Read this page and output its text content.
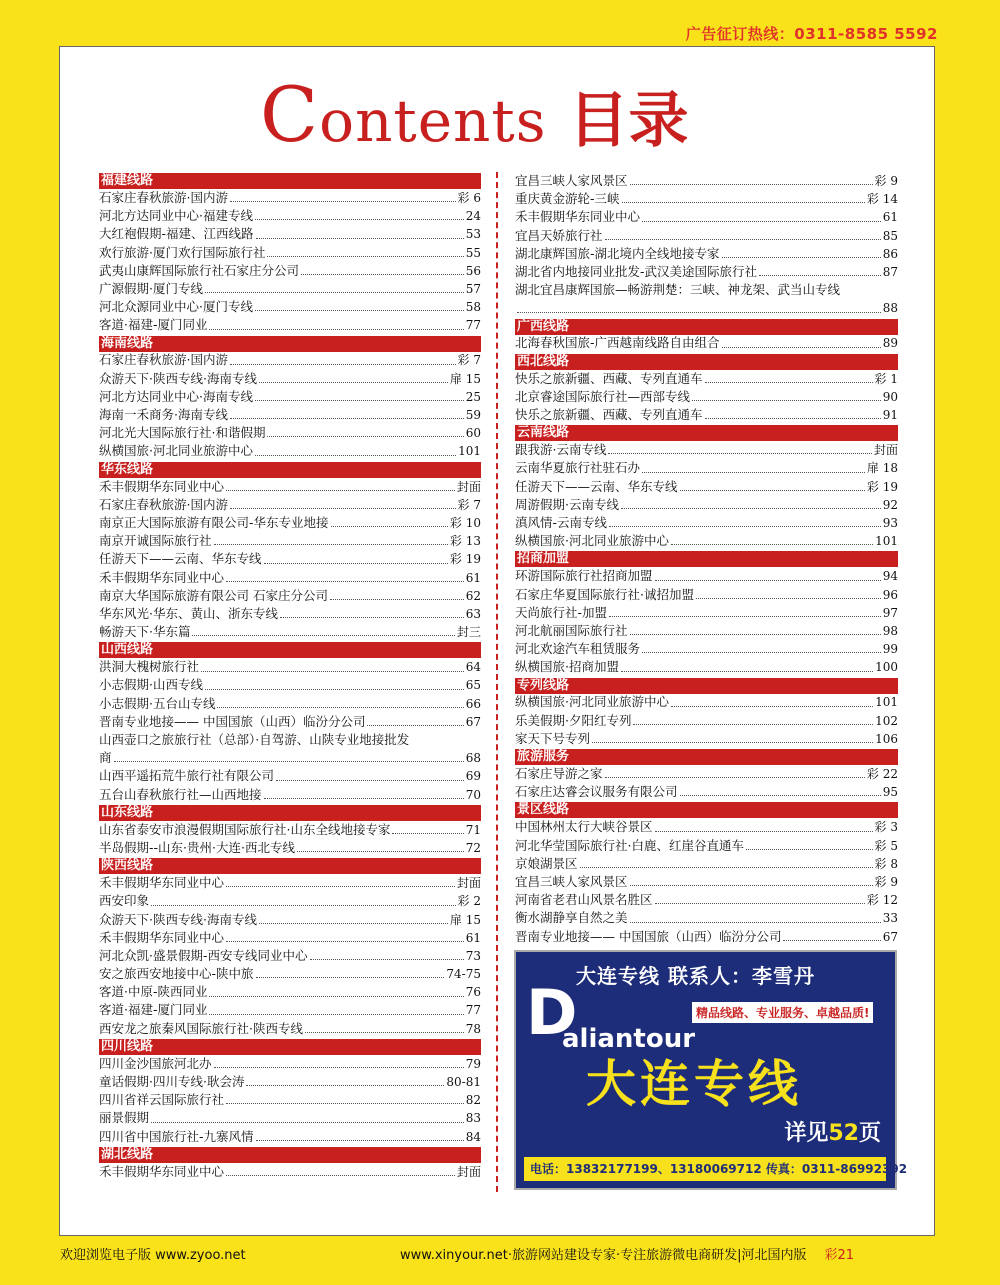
广告征订热线：0311-8585 5592
Contents 目录
福建线路
石家庄春秋旅游·国内游	彩 6
河北方达同业中心·福建专线	24
大红袍假期-福建、江西线路	53
欢行旅游·厦门欢行国际旅行社	55
武夷山康辉国际旅行社石家庄分公司	56
广源假期·厦门专线	57
河北众源同业中心·厦门专线	58
客道·福建-厦门同业	77
海南线路
石家庄春秋旅游·国内游	彩 7
众游天下·陕西专线·海南专线	扉 15
河北方达同业中心·海南专线	25
海南一禾商务·海南专线	59
河北光大国际旅行社·和谐假期	60
纵横国旅·河北同业旅游中心	101
华东线路
禾丰假期华东同业中心	封面
石家庄春秋旅游·国内游	彩 7
南京正大国际旅游有限公司-华东专业地接	彩 10
南京开诚国际旅行社	彩 13
任游天下——云南、华东专线	彩 19
禾丰假期华东同业中心	61
南京大华国际旅游有限公司 石家庄分公司	62
华东风光·华东、黄山、浙东专线	63
畅游天下·华东篇	封三
山西线路
洪洞大槐树旅行社	64
小志假期·山西专线	65
小志假期·五台山专线	66
晋南专业地接—— 中国国旅（山西）临汾分公司	67
山西壶口之旅旅行社（总部）·自驾游、山陕专业地接批发
商	68
山西平遥拓荒牛旅行社有限公司	69
五台山春秋旅行社—山西地接	70
山东线路
山东省泰安市浪漫假期国际旅行社·山东全线地接专家	71
半岛假期--山东·贵州·大连·西北专线	72
陕西线路
禾丰假期华东同业中心	封面
西安印象	彩 2
众游天下·陕西专线·海南专线	扉 15
禾丰假期华东同业中心	61
河北众凯·盛景假期-西安专线同业中心	73
安之旅西安地接中心-陕中旅	74-75
客道·中原-陕西同业	76
客道·福建-厦门同业	77
西安龙之旅秦风国际旅行社·陕西专线	78
四川线路
四川金沙国旅河北办	79
童话假期·四川专线·耿会涛	80-81
四川省祥云国际旅行社	82
丽景假期	83
四川省中国旅行社-九寨风情	84
湖北线路
禾丰假期华东同业中心	封面
宜昌三峡人家风景区	彩 9
重庆黄金游轮-三峡	彩 14
禾丰假期华东同业中心	61
宜昌天娇旅行社	85
湖北康辉国旅-湖北境内全线地接专家	86
湖北省内地接同业批发-武汉美途国际旅行社	87
湖北宜昌康辉国旅—畅游荆楚：三峡、神龙架、武当山专线
88
广西线路
北海春秋国旅-广西越南线路自由组合	89
西北线路
快乐之旅新疆、西藏、专列直通车	彩 1
北京睿途国际旅行社—西部专线	90
快乐之旅新疆、西藏、专列直通车	91
云南线路
跟我游·云南专线	封面
云南华夏旅行社驻石办	扉 18
任游天下——云南、华东专线	彩 19
周游假期·云南专线	92
滇风情-云南专线	93
纵横国旅·河北同业旅游中心	101
招商加盟
环游国际旅行社招商加盟	94
石家庄华夏国际旅行社·诚招加盟	96
天尚旅行社-加盟	97
河北航丽国际旅行社	98
河北欢途汽车租赁服务	99
纵横国旅·招商加盟	100
专列线路
纵横国旅·河北同业旅游中心	101
乐美假期·夕阳红专列	102
家天下号专列	106
旅游服务
石家庄导游之家	彩 22
石家庄达睿会议服务有限公司	95
景区线路
中国林州太行大峡谷景区	彩 3
河北华莹国际旅行社·白鹿、红崖谷直通车	彩 5
京娘湖景区	彩 8
宜昌三峡人家风景区	彩 9
河南省老君山风景名胜区	彩 12
衡水湖静享自然之美	33
晋南专业地接—— 中国国旅（山西）临汾分公司	67
大连专线 联系人：李雪丹
D
aliantour
精品线路、专业服务、卓越品质!
大连专线
详见52页
电话：13832177199、13180069712 传真：0311-86992392
欢迎浏览电子版 www.zyoo.net	www.xinyour.net·旅游网站建设专家·专注旅游微电商研发|河北国内版 彩21
